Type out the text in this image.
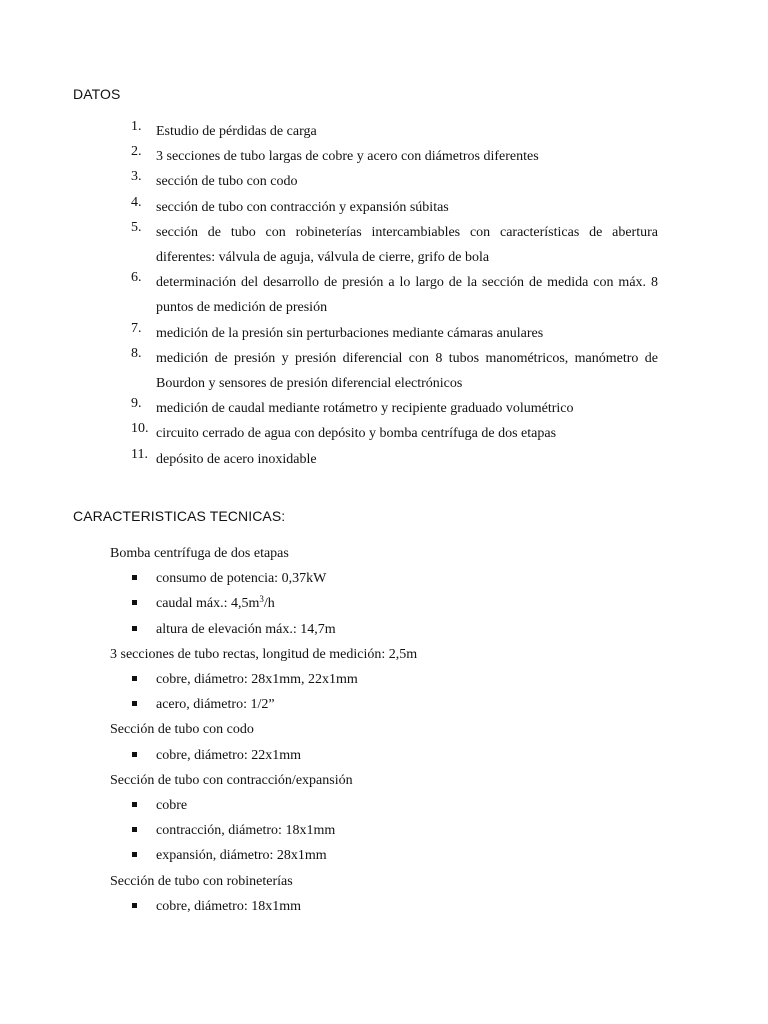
DATOS
1. Estudio de pérdidas de carga
2. 3 secciones de tubo largas de cobre y acero con diámetros diferentes
3. sección de tubo con codo
4. sección de tubo con contracción y expansión súbitas
5. sección de tubo con robineterías intercambiables con características de abertura diferentes: válvula de aguja, válvula de cierre, grifo de bola
6. determinación del desarrollo de presión a lo largo de la sección de medida con máx. 8 puntos de medición de presión
7. medición de la presión sin perturbaciones mediante cámaras anulares
8. medición de presión y presión diferencial con 8 tubos manométricos, manómetro de Bourdon y sensores de presión diferencial electrónicos
9. medición de caudal mediante rotámetro y recipiente graduado volumétrico
10. circuito cerrado de agua con depósito y bomba centrífuga de dos etapas
11. depósito de acero inoxidable
CARACTERISTICAS TECNICAS:
Bomba centrífuga de dos etapas
consumo de potencia: 0,37kW
caudal máx.: $4,5m^3/h$
altura de elevación máx.: 14,7m
3 secciones de tubo rectas, longitud de medición: 2,5m
cobre, diámetro: 28x1mm, 22x1mm
acero, diámetro: 1/2”
Sección de tubo con codo
cobre, diámetro: 22x1mm
Sección de tubo con contracción/expansión
cobre
contracción, diámetro: 18x1mm
expansión, diámetro: 28x1mm
Sección de tubo con robineterías
cobre, diámetro: 18x1mm
